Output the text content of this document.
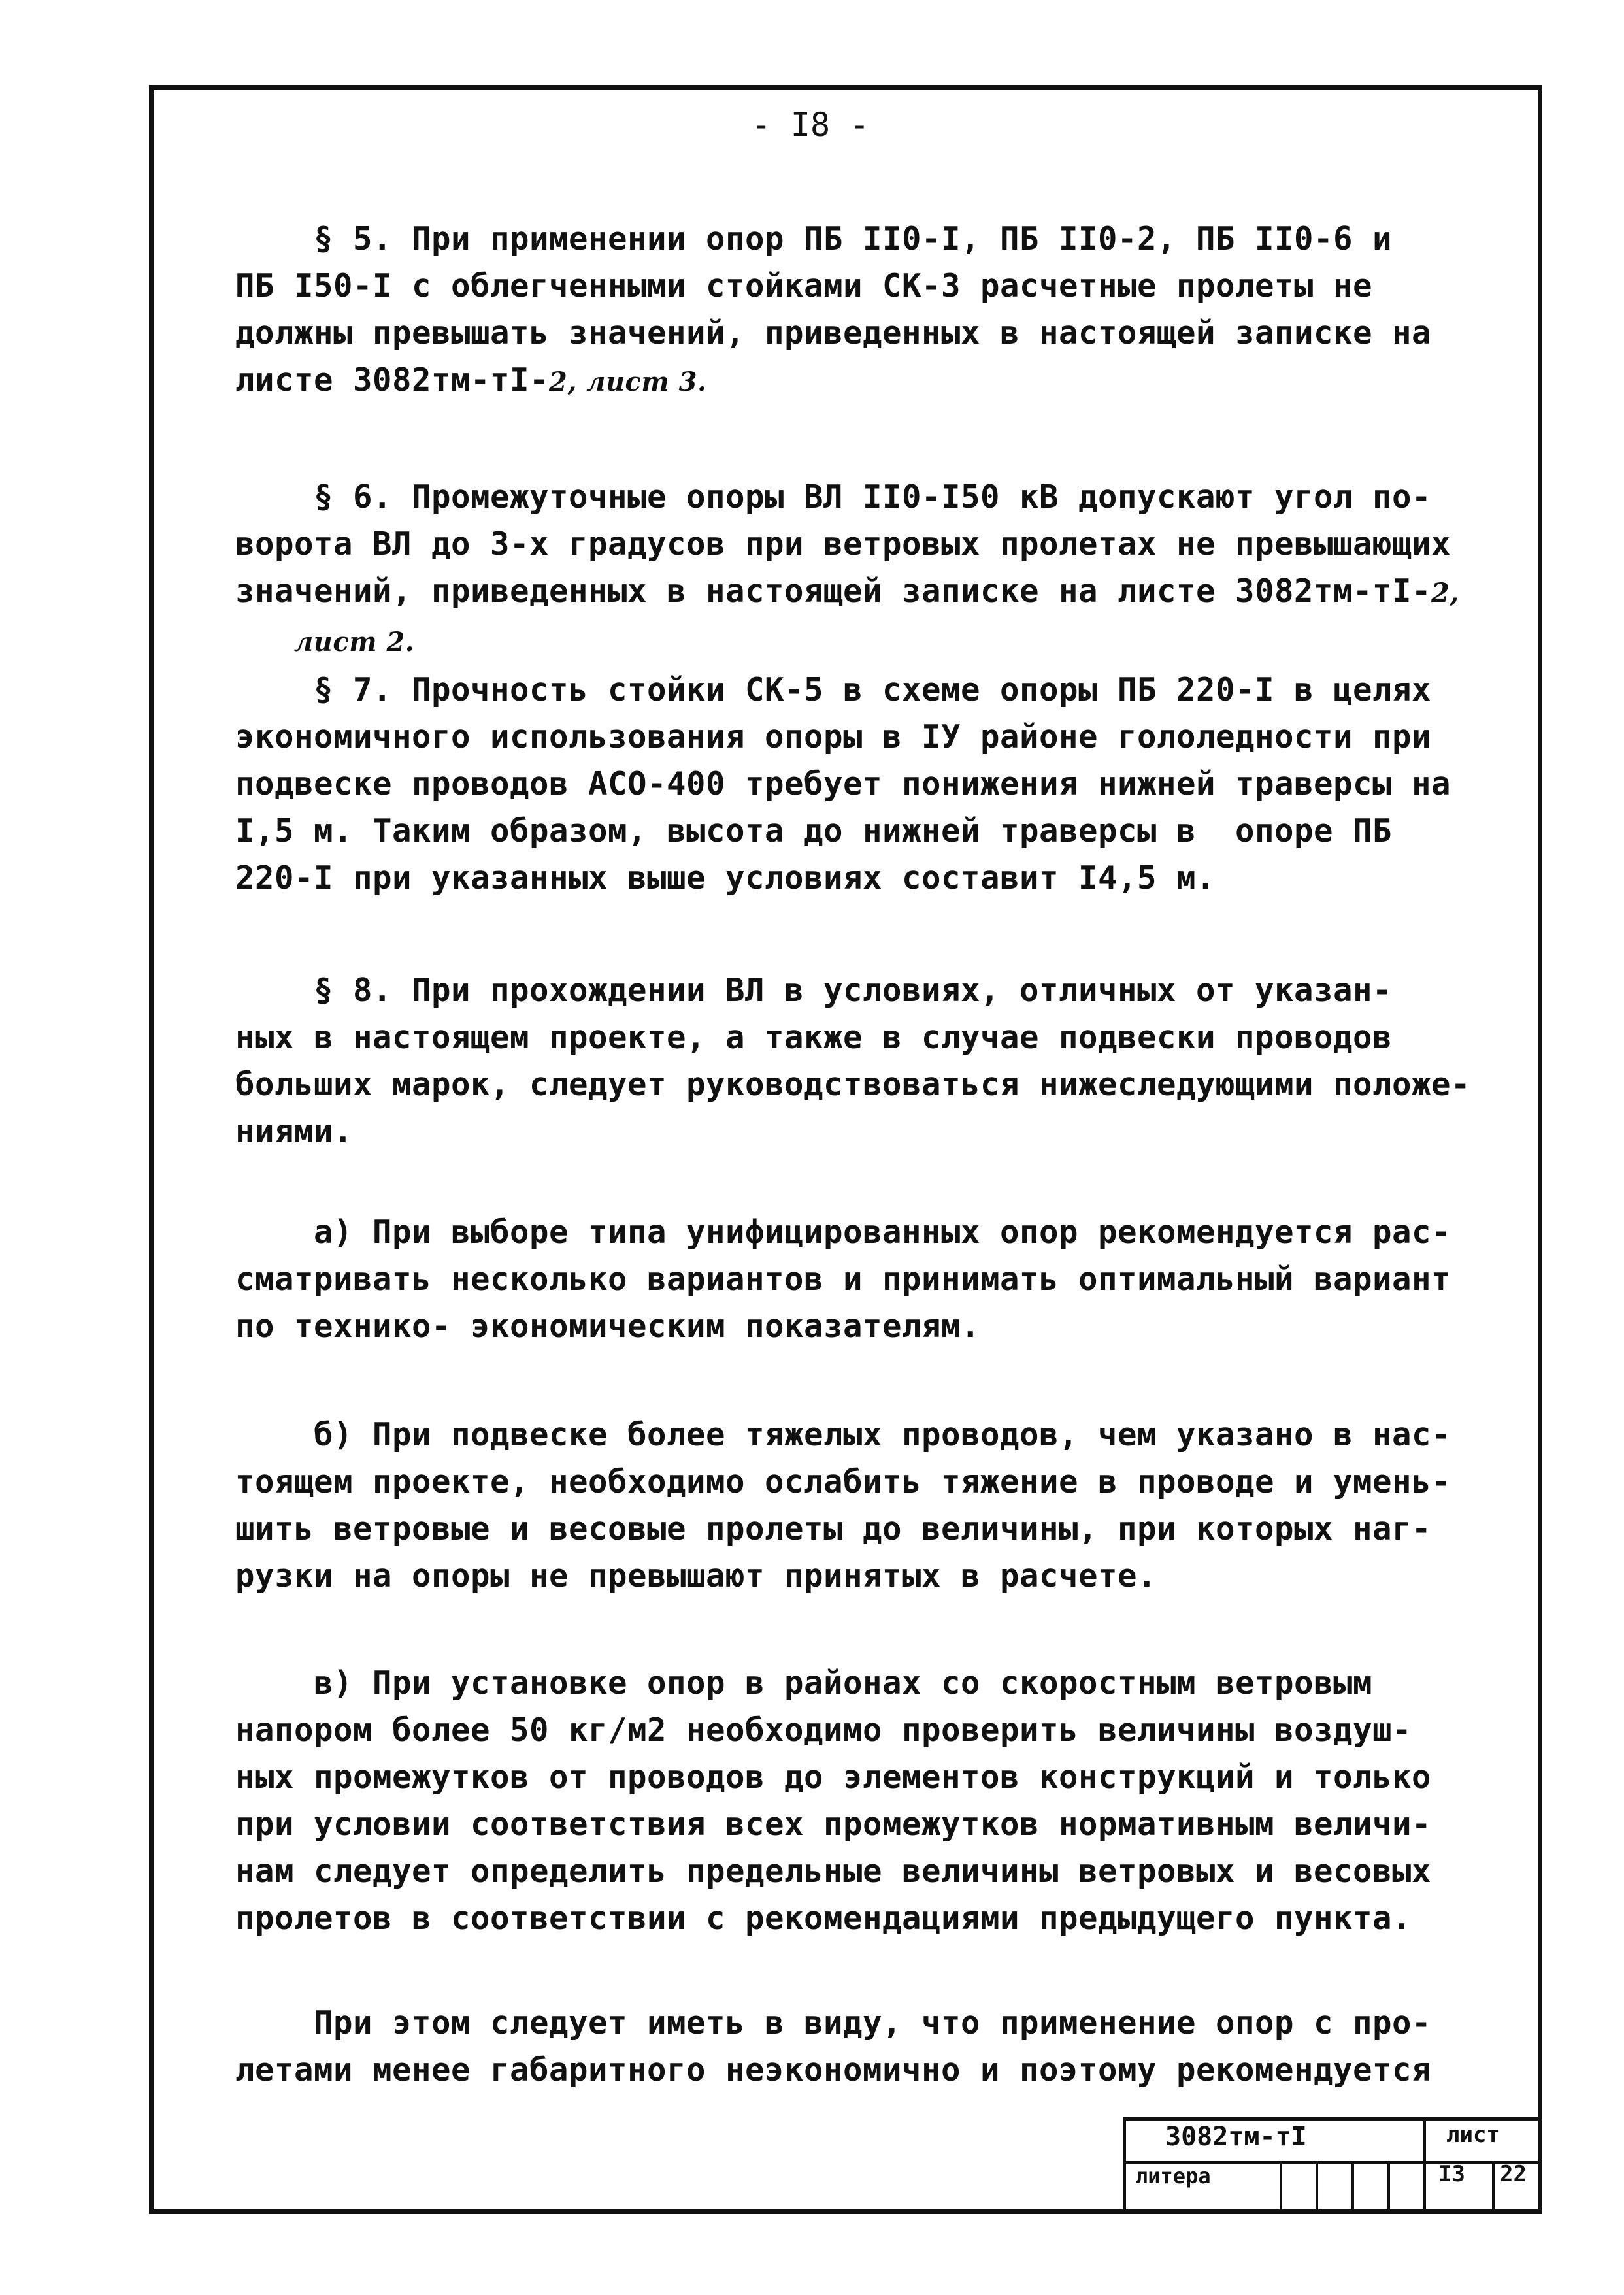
- I8 -
§ 5. При применении опор ПБ II0-I, ПБ II0-2, ПБ II0-6 и
ПБ I50-I с облегченными стойками СК-3 расчетные пролеты не
должны превышать значений, приведенных в настоящей записке на
листе 3082тм-тI-2, лист 3.
§ 6. Промежуточные опоры ВЛ II0-I50 кВ допускают угол по-
ворота ВЛ до 3-х градусов при ветровых пролетах не превышающих
значений, приведенных в настоящей записке на листе 3082тм-тI-2,
лист 2.
§ 7. Прочность стойки СК-5 в схеме опоры ПБ 220-I в целях
экономичного использования опоры в IУ районе гололедности при
подвеске проводов АСО-400 требует понижения нижней траверсы на
I,5 м. Таким образом, высота до нижней траверсы в  опоре ПБ
220-I при указанных выше условиях составит I4,5 м.
§ 8. При прохождении ВЛ в условиях, отличных от указан-
ных в настоящем проекте, а также в случае подвески проводов
больших марок, следует руководствоваться нижеследующими положе-
ниями.
а) При выборе типа унифицированных опор рекомендуется рас-
сматривать несколько вариантов и принимать оптимальный вариант
по технико- экономическим показателям.
б) При подвеске более тяжелых проводов, чем указано в нас-
тоящем проекте, необходимо ослабить тяжение в проводе и умень-
шить ветровые и весовые пролеты до величины, при которых наг-
рузки на опоры не превышают принятых в расчете.
в) При установке опор в районах со скоростным ветровым
напором более 50 кг/м2 необходимо проверить величины воздуш-
ных промежутков от проводов до элементов конструкций и только
при условии соответствия всех промежутков нормативным величи-
нам следует определить предельные величины ветровых и весовых
пролетов в соответствии с рекомендациями предыдущего пункта.
При этом следует иметь в виду, что применение опор с про-
летами менее габаритного неэкономично и поэтому рекомендуется
3082тм-тI	лист
литера	I3 22
